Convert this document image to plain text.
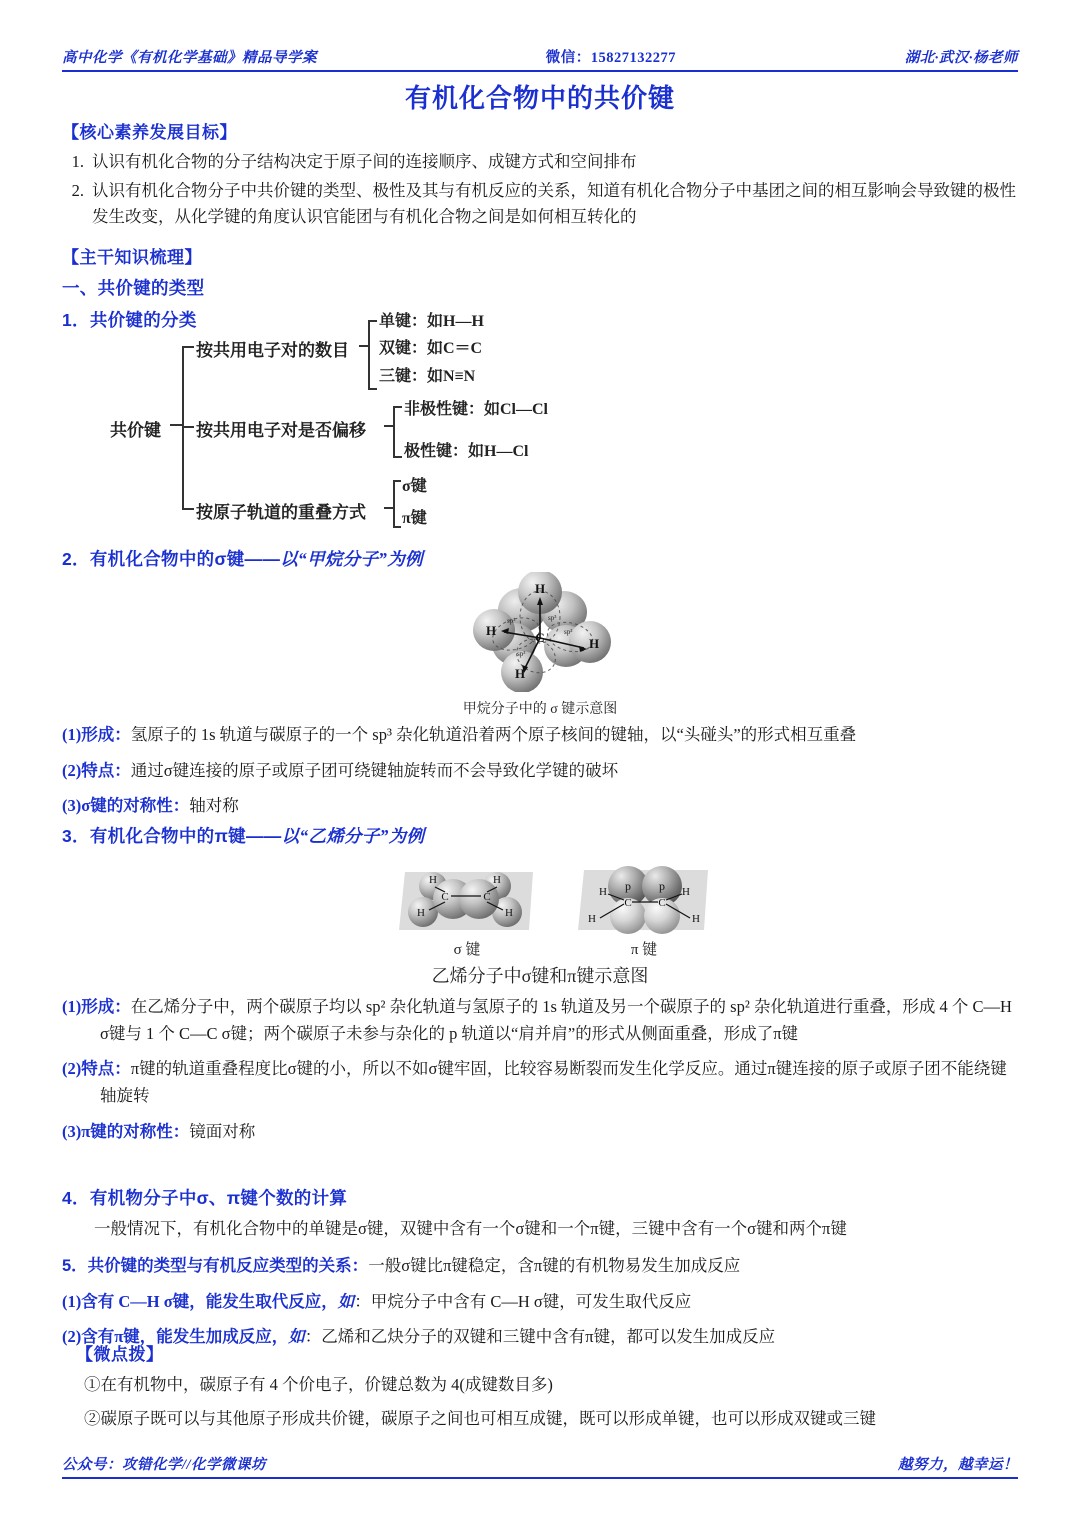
高中化学《有机化学基础》精品导学案	微信：15827132277	湖北·武汉·杨老师
有机化合物中的共价键
【核心素养发展目标】
1. 认识有机化合物的分子结构决定于原子间的连接顺序、成键方式和空间排布
2. 认识有机化合物分子中共价键的类型、极性及其与有机反应的关系，知道有机化合物分子中基团之间的相互影响会导致键的极性发生改变，从化学键的角度认识官能团与有机化合物之间是如何相互转化的
【主干知识梳理】
一、共价键的类型
1．共价键的分类
共价键
按共用电子对的数目
单键：如H—H
双键：如C＝C
三键：如N≡N
按共用电子对是否偏移
非极性键：如Cl—Cl
极性键：如H—Cl
按原子轨道的重叠方式
σ键
π键
2．有机化合物中的σ键——以“甲烷分子”为例
H
H
H
H
C
sp³
sp³
sp³
sp³
甲烷分子中的 σ 键示意图
(1)形成：氢原子的 1s 轨道与碳原子的一个 sp³ 杂化轨道沿着两个原子核间的键轴，以“头碰头”的形式相互重叠
(2)特点：通过σ键连接的原子或原子团可绕键轴旋转而不会导致化学键的破坏
(3)σ键的对称性：轴对称
3．有机化合物中的π键——以“乙烯分子”为例
H	H
H	H
C	C
p p
H	H
H	H
C C
σ 键	π 键
乙烯分子中σ键和π键示意图
(1)形成：在乙烯分子中，两个碳原子均以 sp² 杂化轨道与氢原子的 1s 轨道及另一个碳原子的 sp² 杂化轨道进行重叠，形成 4 个 C—H σ键与 1 个 C—C σ键；两个碳原子未参与杂化的 p 轨道以“肩并肩”的形式从侧面重叠，形成了π键
(2)特点：π键的轨道重叠程度比σ键的小，所以不如σ键牢固，比较容易断裂而发生化学反应。通过π键连接的原子或原子团不能绕键轴旋转
(3)π键的对称性：镜面对称
4．有机物分子中σ、π键个数的计算
一般情况下，有机化合物中的单键是σ键，双键中含有一个σ键和一个π键，三键中含有一个σ键和两个π键
5．共价键的类型与有机反应类型的关系：一般σ键比π键稳定，含π键的有机物易发生加成反应
(1)含有 C—H σ键，能发生取代反应，如：甲烷分子中含有 C—H σ键，可发生取代反应
(2)含有π键，能发生加成反应，如：乙烯和乙炔分子的双键和三键中含有π键，都可以发生加成反应
【微点拨】
①在有机物中，碳原子有 4 个价电子，价键总数为 4(成键数目多)
②碳原子既可以与其他原子形成共价键，碳原子之间也可相互成键，既可以形成单键，也可以形成双键或三键
公众号：攻错化学//化学微课坊	越努力，越幸运！
